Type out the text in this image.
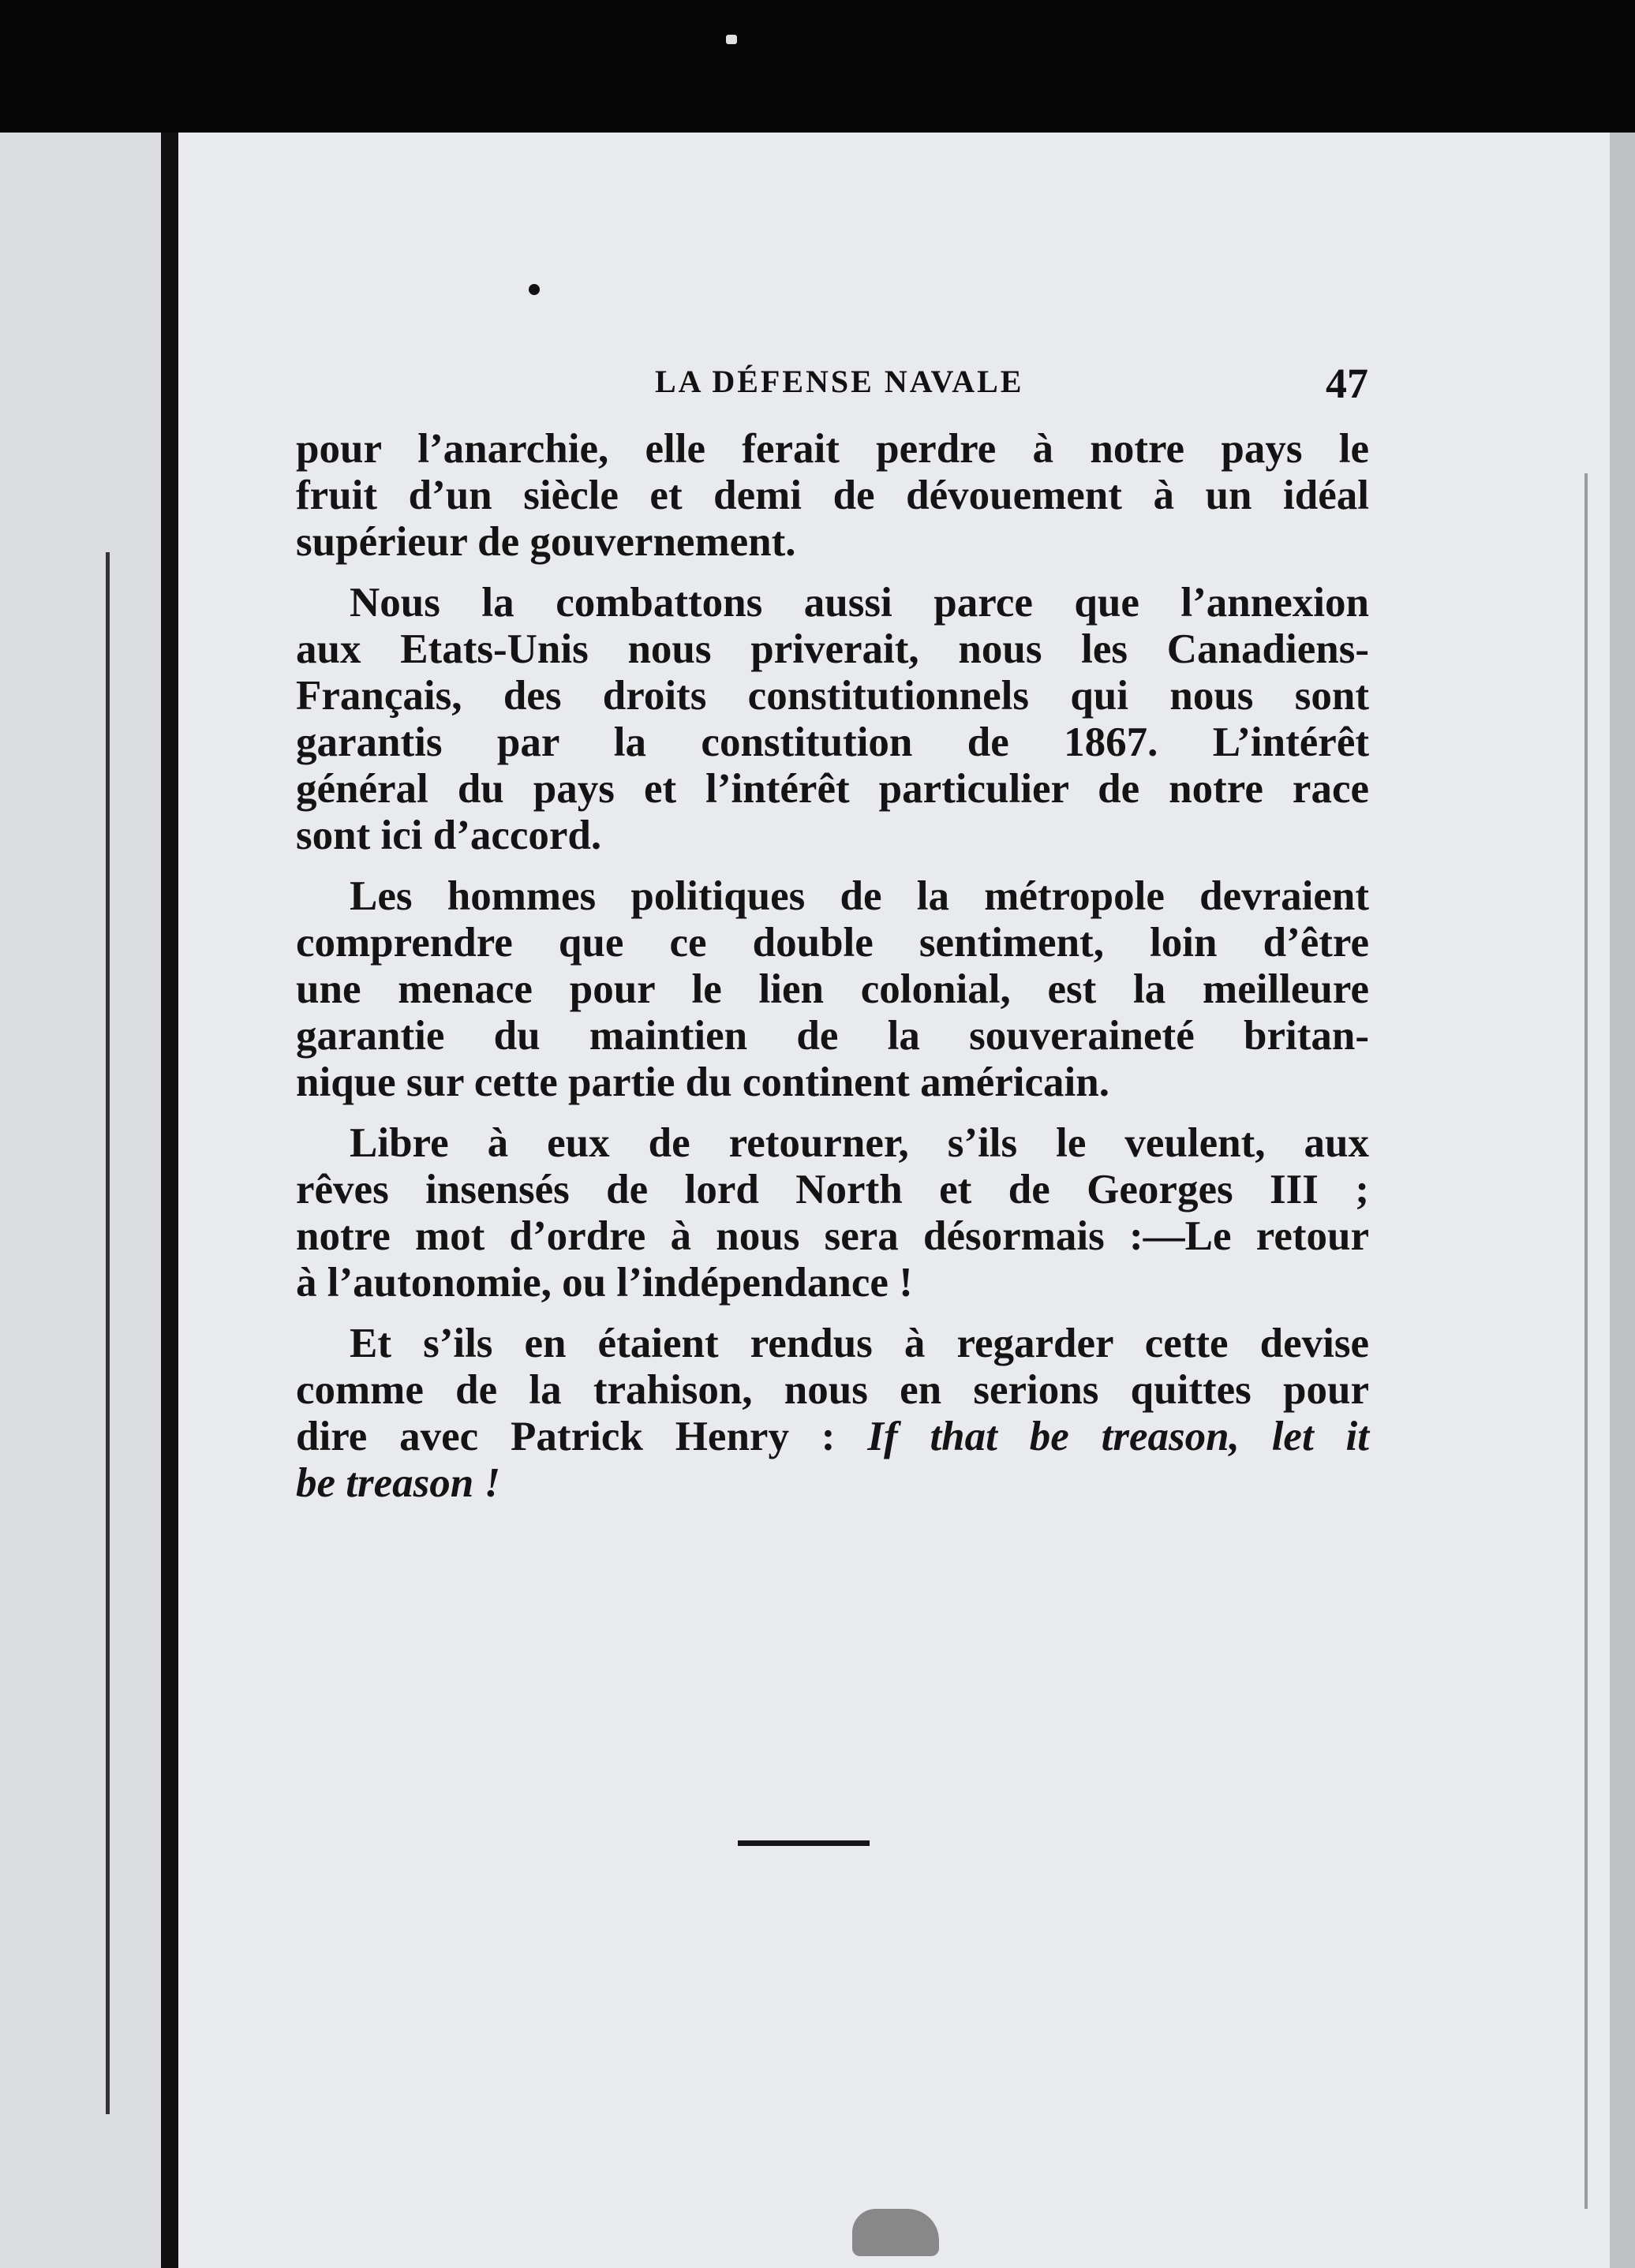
LA DÉFENSE NAVALE	47

pour l’anarchie, elle ferait perdre à notre pays le
fruit d’un siècle et demi de dévouement à un idéal
supérieur de gouvernement.

Nous la combattons aussi parce que l’annexion
aux Etats-Unis nous priverait, nous les Canadiens-
Français, des droits constitutionnels qui nous sont
garantis par la constitution de 1867. L’intérêt
général du pays et l’intérêt particulier de notre race
sont ici d’accord.

Les hommes politiques de la métropole devraient
comprendre que ce double sentiment, loin d’être
une menace pour le lien colonial, est la meilleure
garantie du maintien de la souveraineté britan-
nique sur cette partie du continent américain.

Libre à eux de retourner, s’ils le veulent, aux
rêves insensés de lord North et de Georges III ;
notre mot d’ordre à nous sera désormais :—Le retour
à l’autonomie, ou l’indépendance !

Et s’ils en étaient rendus à regarder cette devise
comme de la trahison, nous en serions quittes pour
dire avec Patrick Henry : If that be treason, let it
be treason !
